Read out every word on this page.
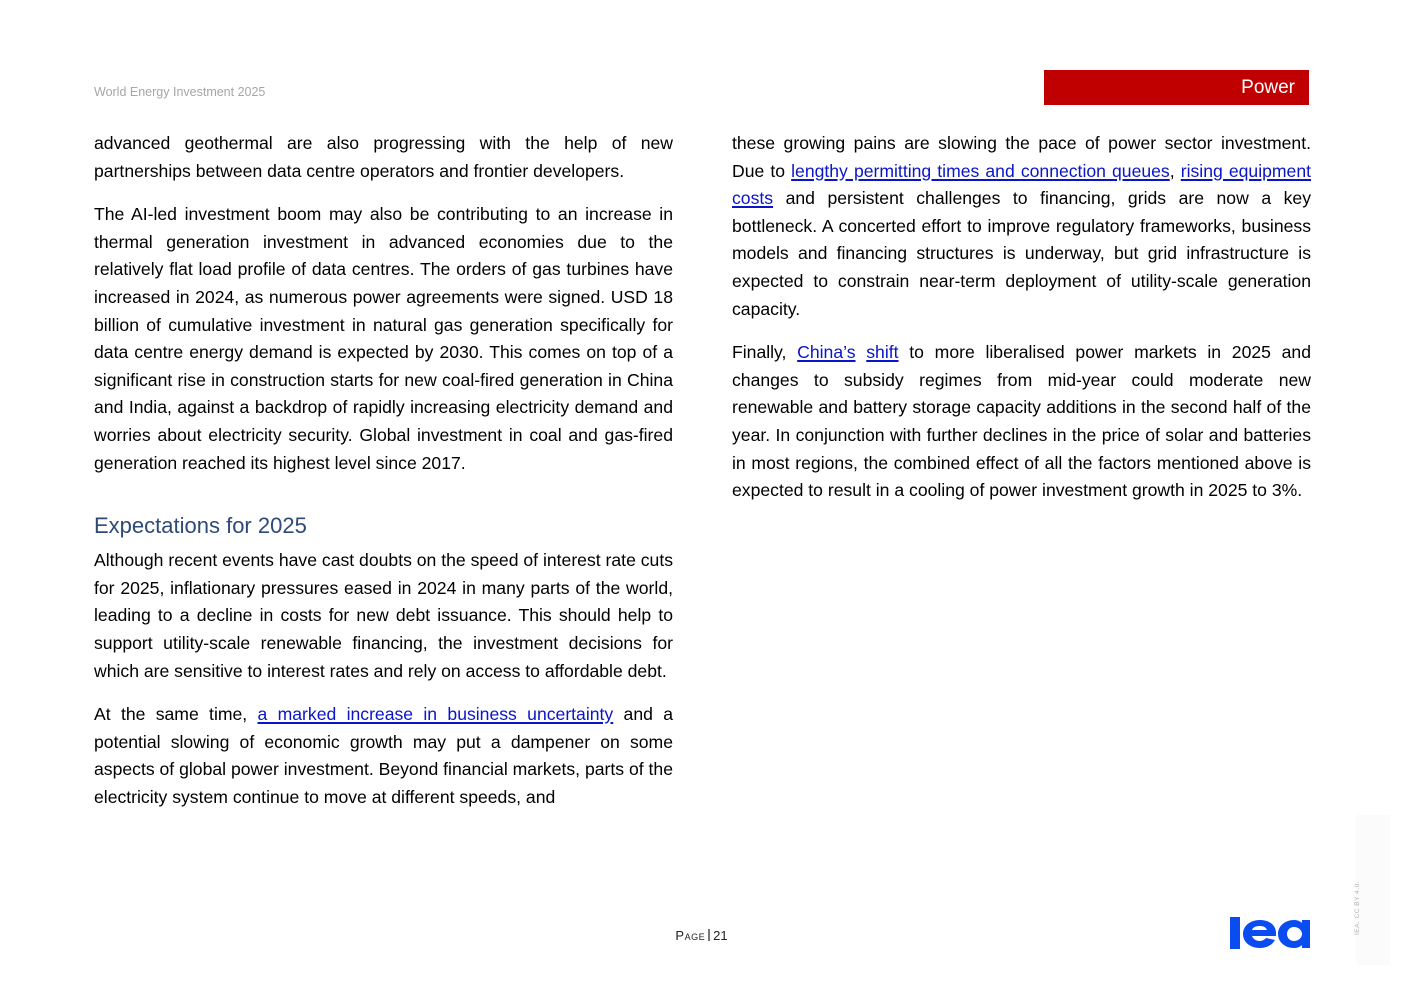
World Energy Investment 2025	Power

advanced geothermal are also progressing with the help of new partnerships between data centre operators and frontier developers.

The AI-led investment boom may also be contributing to an increase in thermal generation investment in advanced economies due to the relatively flat load profile of data centres. The orders of gas turbines have increased in 2024, as numerous power agreements were signed. USD 18 billion of cumulative investment in natural gas generation specifically for data centre energy demand is expected by 2030. This comes on top of a significant rise in construction starts for new coal-fired generation in China and India, against a backdrop of rapidly increasing electricity demand and worries about electricity security. Global investment in coal and gas-fired generation reached its highest level since 2017.

Expectations for 2025

Although recent events have cast doubts on the speed of interest rate cuts for 2025, inflationary pressures eased in 2024 in many parts of the world, leading to a decline in costs for new debt issuance. This should help to support utility-scale renewable financing, the investment decisions for which are sensitive to interest rates and rely on access to affordable debt.

At the same time, a marked increase in business uncertainty and a potential slowing of economic growth may put a dampener on some aspects of global power investment. Beyond financial markets, parts of the electricity system continue to move at different speeds, and

these growing pains are slowing the pace of power sector investment. Due to lengthy permitting times and connection queues, rising equipment costs and persistent challenges to financing, grids are now a key bottleneck. A concerted effort to improve regulatory frameworks, business models and financing structures is underway, but grid infrastructure is expected to constrain near-term deployment of utility-scale generation capacity.

Finally, China’s shift to more liberalised power markets in 2025 and changes to subsidy regimes from mid-year could moderate new renewable and battery storage capacity additions in the second half of the year. In conjunction with further declines in the price of solar and batteries in most regions, the combined effect of all the factors mentioned above is expected to result in a cooling of power investment growth in 2025 to 3%.

Page 21
IEA. CC BY 4.0.
